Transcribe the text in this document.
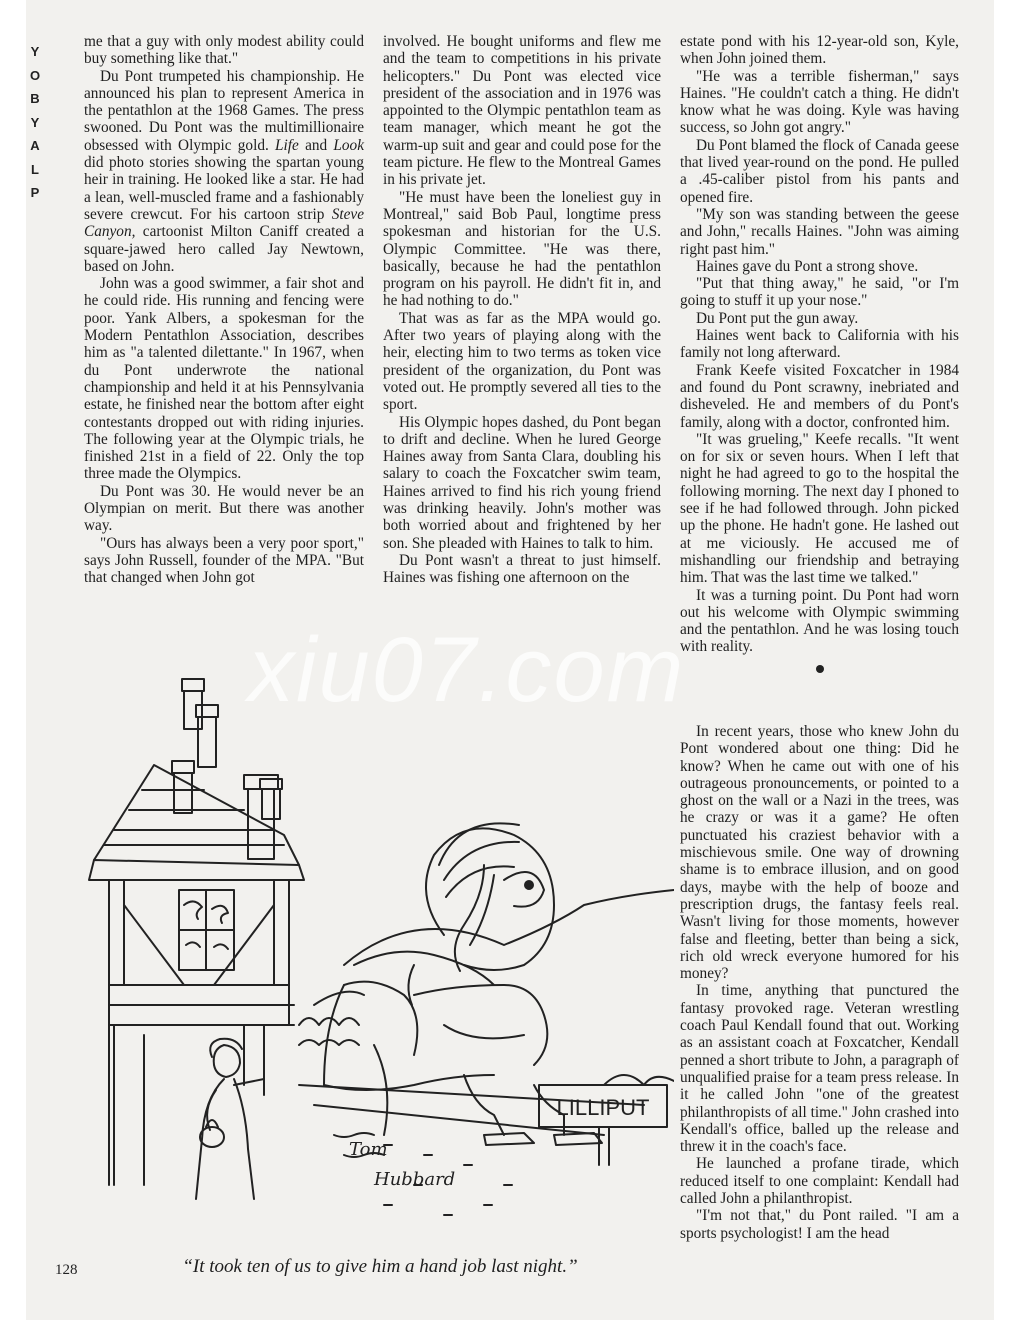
Y
O
B
Y
A
L
P

me that a guy with only modest ability could buy something like that."

Du Pont trumpeted his championship. He announced his plan to represent America in the pentathlon at the 1968 Games. The press swooned. Du Pont was the multimillionaire obsessed with Olympic gold. Life and Look did photo stories showing the spartan young heir in training. He looked like a star. He had a lean, well-muscled frame and a fashionably severe crewcut. For his cartoon strip Steve Canyon, cartoonist Milton Caniff created a square-jawed hero called Jay Newtown, based on John.

John was a good swimmer, a fair shot and he could ride. His running and fencing were poor. Yank Albers, a spokesman for the Modern Pentathlon Association, describes him as "a talented dilettante." In 1967, when du Pont underwrote the national championship and held it at his Pennsylvania estate, he finished near the bottom after eight contestants dropped out with riding injuries. The following year at the Olympic trials, he finished 21st in a field of 22. Only the top three made the Olympics.

Du Pont was 30. He would never be an Olympian on merit. But there was another way.

"Ours has always been a very poor sport," says John Russell, founder of the MPA. "But that changed when John got

involved. He bought uniforms and flew me and the team to competitions in his private helicopters." Du Pont was elected vice president of the association and in 1976 was appointed to the Olympic pentathlon team as team manager, which meant he got the warm-up suit and gear and could pose for the team picture. He flew to the Montreal Games in his private jet.

"He must have been the loneliest guy in Montreal," said Bob Paul, longtime press spokesman and historian for the U.S. Olympic Committee. "He was there, basically, because he had the pentathlon program on his payroll. He didn't fit in, and he had nothing to do."

That was as far as the MPA would go. After two years of playing along with the heir, electing him to two terms as token vice president of the organization, du Pont was voted out. He promptly severed all ties to the sport.

His Olympic hopes dashed, du Pont began to drift and decline. When he lured George Haines away from Santa Clara, doubling his salary to coach the Foxcatcher swim team, Haines arrived to find his rich young friend was drinking heavily. John's mother was both worried about and frightened by her son. She pleaded with Haines to talk to him.

Du Pont wasn't a threat to just himself. Haines was fishing one afternoon on the

estate pond with his 12-year-old son, Kyle, when John joined them.

"He was a terrible fisherman," says Haines. "He couldn't catch a thing. He didn't know what he was doing. Kyle was having success, so John got angry."

Du Pont blamed the flock of Canada geese that lived year-round on the pond. He pulled a .45-caliber pistol from his pants and opened fire.

"My son was standing between the geese and John," recalls Haines. "John was aiming right past him."

Haines gave du Pont a strong shove.

"Put that thing away," he said, "or I'm going to stuff it up your nose."

Du Pont put the gun away.

Haines went back to California with his family not long afterward.

Frank Keefe visited Foxcatcher in 1984 and found du Pont scrawny, inebriated and disheveled. He and members of du Pont's family, along with a doctor, confronted him.

"It was grueling," Keefe recalls. "It went on for six or seven hours. When I left that night he had agreed to go to the hospital the following morning. The next day I phoned to see if he had followed through. John picked up the phone. He hadn't gone. He lashed out at me viciously. He accused me of mishandling our friendship and betraying him. That was the last time we talked."

It was a turning point. Du Pont had worn out his welcome with Olympic swimming and the pentathlon. And he was losing touch with reality.

In recent years, those who knew John du Pont wondered about one thing: Did he know? When he came out with one of his outrageous pronouncements, or pointed to a ghost on the wall or a Nazi in the trees, was he crazy or was it a game? He often punctuated his craziest behavior with a mischievous smile. One way of drowning shame is to embrace illusion, and on good days, maybe with the help of booze and prescription drugs, the fantasy feels real. Wasn't living for those moments, however false and fleeting, better than being a sick, rich old wreck everyone humored for his money?

In time, anything that punctured the fantasy provoked rage. Veteran wrestling coach Paul Kendall found that out. Working as an assistant coach at Foxcatcher, Kendall penned a short tribute to John, a paragraph of unqualified praise for a team press release. In it he called John "one of the greatest philanthropists of all time." John crashed into Kendall's office, balled up the release and threw it in the coach's face.

He launched a profane tirade, which reduced itself to one complaint: Kendall had called John a philanthropist.

"I'm not that," du Pont railed. "I am a sports psychologist! I am the head

LILLIPUT
Tom
Hubbard
“It took ten of us to give him a hand job last night.”
128
xiu07.com
